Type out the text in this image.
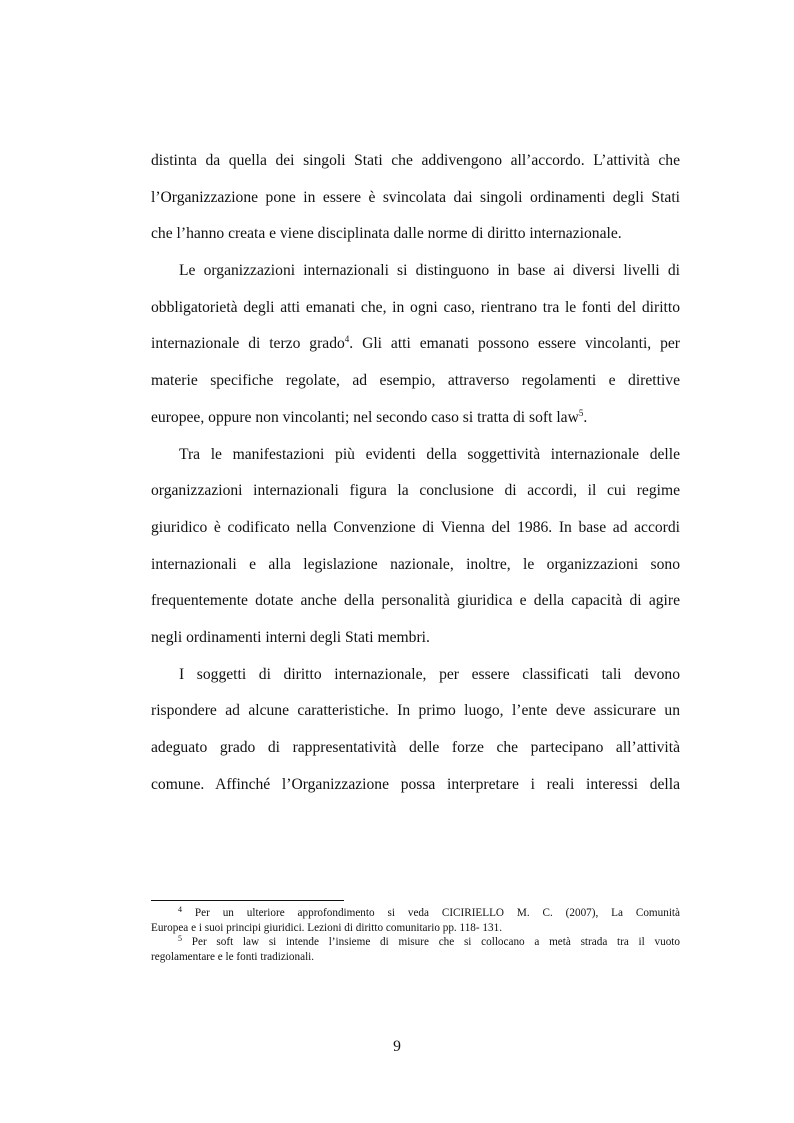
distinta da quella dei singoli Stati che addivengono all’accordo. L’attività che
l’Organizzazione pone in essere è svincolata dai singoli ordinamenti degli Stati
che l’hanno creata e viene disciplinata dalle norme di diritto internazionale.
Le organizzazioni internazionali si distinguono in base ai diversi livelli di
obbligatorietà degli atti emanati che, in ogni caso, rientrano tra le fonti del diritto
internazionale di terzo grado$^4$. Gli atti emanati possono essere vincolanti, per
materie specifiche regolate, ad esempio, attraverso regolamenti e direttive
europee, oppure non vincolanti; nel secondo caso si tratta di soft law$^5$.
Tra le manifestazioni più evidenti della soggettività internazionale delle
organizzazioni internazionali figura la conclusione di accordi, il cui regime
giuridico è codificato nella Convenzione di Vienna del 1986. In base ad accordi
internazionali e alla legislazione nazionale, inoltre, le organizzazioni sono
frequentemente dotate anche della personalità giuridica e della capacità di agire
negli ordinamenti interni degli Stati membri.
I soggetti di diritto internazionale, per essere classificati tali devono
rispondere ad alcune caratteristiche. In primo luogo, l’ente deve assicurare un
adeguato grado di rappresentatività delle forze che partecipano all’attività
comune. Affinché l’Organizzazione possa interpretare i reali interessi della
$^4$ Per un ulteriore approfondimento si veda CICIRIELLO M. C. (2007), La Comunità
Europea e i suoi principi giuridici. Lezioni di diritto comunitario pp. 118- 131.
$^5$ Per soft law si intende l’insieme di misure che si collocano a metà strada tra il vuoto
regolamentare e le fonti tradizionali.
9
